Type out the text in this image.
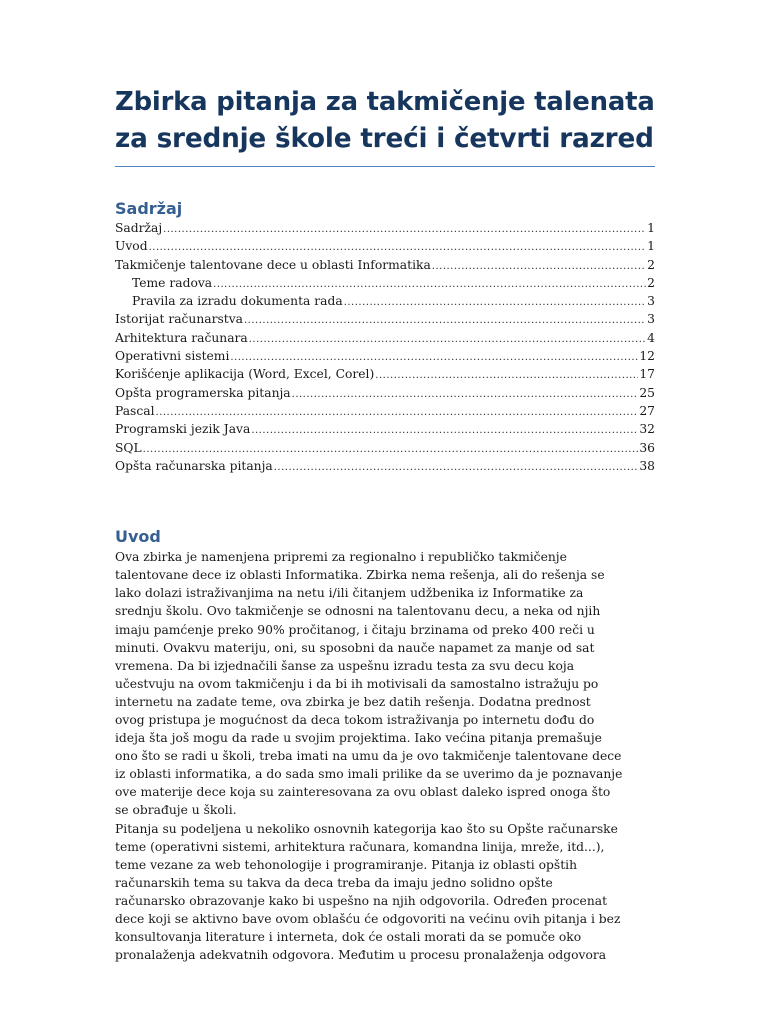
Zbirka pitanja za takmičenje talenata
za srednje škole treći i četvrti razred
Sadržaj
Sadržaj .....	1
Uvod .....	1
Takmičenje talentovane dece u oblasti Informatika .....	2
Teme radova .....	2
Pravila za izradu dokumenta rada .....	3
Istorijat računarstva .....	3
Arhitektura računara .....	4
Operativni sistemi .....	12
Korišćenje aplikacija (Word, Excel, Corel) .....	17
Opšta programerska pitanja .....	25
Pascal .....	27
Programski jezik Java .....	32
SQL .....	36
Opšta računarska pitanja .....	38
Uvod

Ova zbirka je namenjena pripremi za regionalno i republičko takmičenje
talentovane dece iz oblasti Informatika. Zbirka nema rešenja, ali do rešenja se
lako dolazi istraživanjima na netu i/ili čitanjem udžbenika iz Informatike za
srednju školu. Ovo takmičenje se odnosni na talentovanu decu, a neka od njih
imaju pamćenje preko 90% pročitanog, i čitaju brzinama od preko 400 reči u
minuti. Ovakvu materiju, oni, su sposobni da nauče napamet za manje od sat
vremena. Da bi izjednačili šanse za uspešnu izradu testa za svu decu koja
učestvuju na ovom takmičenju i da bi ih motivisali da samostalno istražuju po
internetu na zadate teme, ova zbirka je bez datih rešenja. Dodatna prednost
ovog pristupa je mogućnost da deca tokom istraživanja po internetu dođu do
ideja šta još mogu da rade u svojim projektima. Iako većina pitanja premašuje
ono što se radi u školi, treba imati na umu da je ovo takmičenje talentovane dece
iz oblasti informatika, a do sada smo imali prilike da se uverimo da je poznavanje
ove materije dece koja su zainteresovana za ovu oblast daleko ispred onoga što
se obrađuje u školi.
Pitanja su podeljena u nekoliko osnovnih kategorija kao što su Opšte računarske
teme (operativni sistemi, arhitektura računara, komandna linija, mreže, itd...),
teme vezane za web tehonologije i programiranje. Pitanja iz oblasti opštih
računarskih tema su takva da deca treba da imaju jedno solidno opšte
računarsko obrazovanje kako bi uspešno na njih odgovorila. Određen procenat
dece koji se aktivno bave ovom oblašću će odgovoriti na većinu ovih pitanja i bez
konsultovanja literature i interneta, dok će ostali morati da se pomuče oko
pronalaženja adekvatnih odgovora. Međutim u procesu pronalaženja odgovora
